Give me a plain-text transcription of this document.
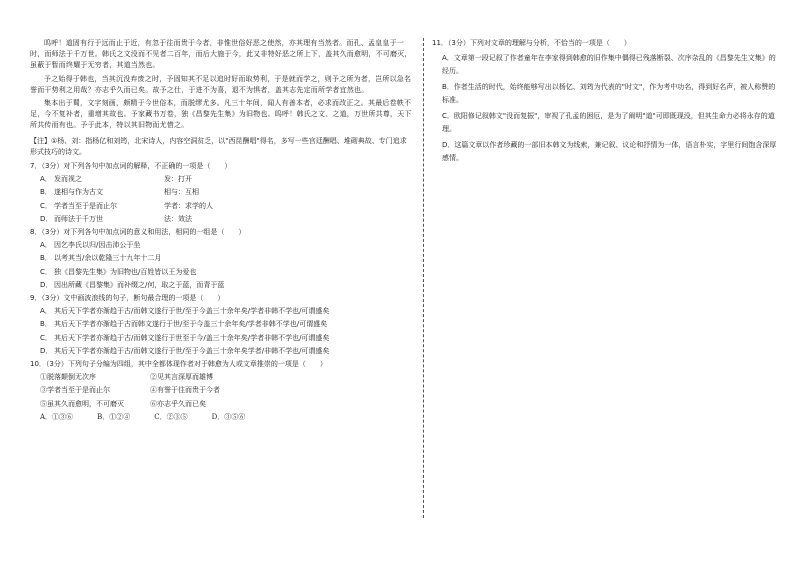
呜呼！道固有行于远而止于近，有忽于往而贵于今者，非惟世俗好恶之使然，亦其理有当然者。而孔、孟皇皇于一时，而师法于千万世。韩氏之文没而不见者二百年，而后大施于今，此又非特好恶之所上下，盖其久而愈明，不可磨灭，虽蔽于暂而终耀于无穷者，其道当然也。

予之始得于韩也，当其沉没弃废之时，予固知其不足以追时好而取势利，于是就而学之，则予之所为者，岂所以急名誉而干势利之用哉？亦志乎久而已矣。故予之仕，于进不为喜，退不为惧者，盖其志先定而所学者宜然也。

集本出于蜀，文字刻画，颇精于今世俗本，而脱缪尤多。凡三十年间，闻人有善本者，必求而改正之。其最后卷帙不足，今不复补者，重增其故也。予家藏书万卷，独《昌黎先生集》为旧物也。呜呼！韩氏之文、之道，万世所共尊，天下所共传而有也。予于此本，特以其旧物而尤惜之。

【注】①杨、刘：指杨亿和刘筠，北宋诗人，内容空洞贫乏，以"西昆酬唱"得名，多写一些宫廷酬唱、堆砌典故、专门追求形式技巧的诗文。

7．（3分）对下列各句中加点词的解释，不正确的一项是（　　）

A． 发而视之	发：打开
B． 遂相与作为古文	相与：互相
C． 学者当至于是而止尔	学者：求学的人
D． 而师法于千万世	法：效法

8．（3分）对下列各句中加点词的意义和用法，相同的一组是（　　）

A． 因乞李氏以归/因击沛公于坐
B． 以考其当/余以乾隆三十九年十二月
C． 独《昌黎先生集》为旧物也/百姓皆以王为爱也
D． 因出所藏《昌黎集》而补缀之/何，取之于蓝，而青于蓝

9．（3分）文中画波浪线的句子，断句最合理的一项是（　　）

A． 其后天下学者亦渐趋于古/而韩文遂行于世/至于今盖三十余年矣/学者非韩不学也/可谓盛矣
B． 其后天下学者亦渐趋于古而韩文遂行于世/至于今盖三十余年矣/学者非韩不学也/可谓盛矣
C． 其后天下学者亦渐趋于古/而韩文遂行于世至于今/盖三十余年矣/学者非韩不学也/可谓盛矣
D． 其后天下学者亦渐趋于古/而韩文遂行于世/至于今盖三十余年矣学者/非韩不学也/可谓盛矣

10．（3分）下列句子分编为四组，其中全都体现作者对于韩愈为人或文章推崇的一项是（　　）

①脱落颠倒无次序	②见其言深厚而雄博
③学者当至于是而止尔	④有誉于往而贵于今者
⑤虽其久而愈明，不可磨灭	⑥亦志乎久而已矣
A．①③⑥	B．①②④	C．②③⑤	D．③⑤⑥

11．（3分）下列对文章的理解与分析，不恰当的一项是（　　）

A．文章第一段记叙了作者童年在李家得到韩愈的旧作集中偶得已残落断裂、次序杂乱的《昌黎先生文集》的经历。

B．作者生活的时代，始终能够写出以杨亿、刘筠为代表的"时文"，作为考中功名，得到好名声，被人称赞的标准。

C．欧阳修记叙韩文"没而复振"，审视了孔孟的困厄，是为了阐明"道"可即既现没，但其生命力必将永存的道理。

D．这篇文章以作者珍藏的一部旧本韩文为线索，兼记叙、议论和抒情为一体，语言朴实，字里行间饱含深厚感情。
